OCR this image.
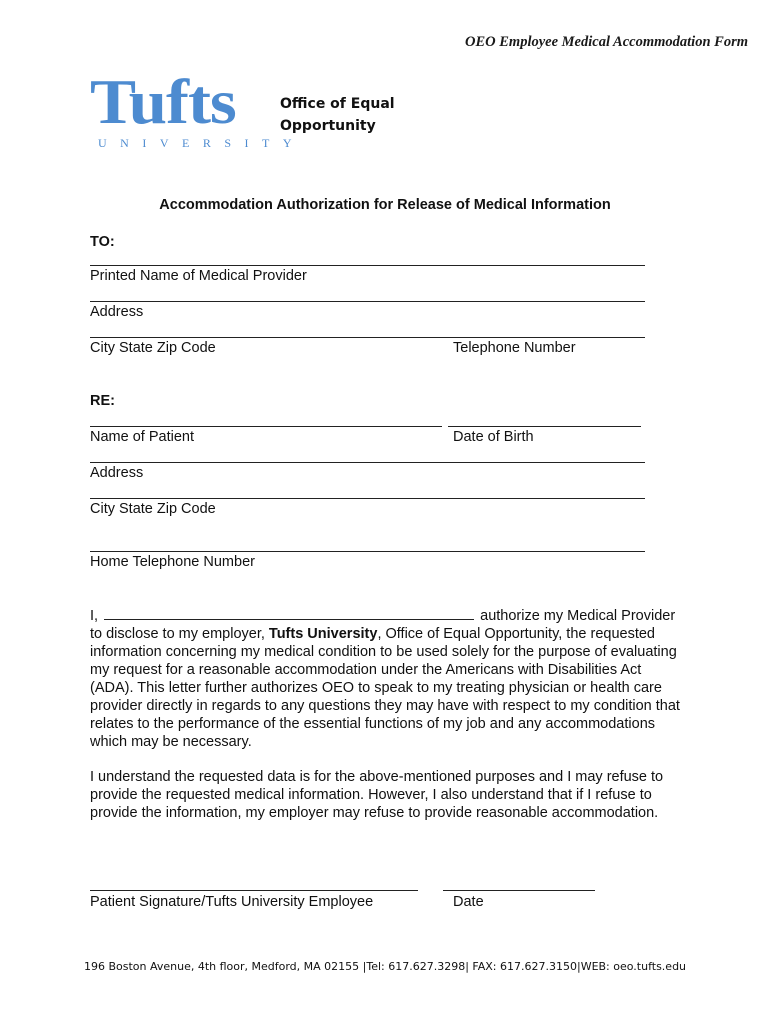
OEO Employee Medical Accommodation Form
Tufts
UNIVERSITY
Office of Equal
Opportunity
Accommodation Authorization for Release of Medical Information
TO:
Printed Name of Medical Provider
Address
City State Zip Code	Telephone Number
RE:
Name of Patient	Date of Birth
Address
City State Zip Code
Home Telephone Number

I,	authorize my Medical Provider to disclose to my employer, Tufts University, Office of Equal Opportunity, the requested information concerning my medical condition to be used solely for the purpose of evaluating my request for a reasonable accommodation under the Americans with Disabilities Act (ADA). This letter further authorizes OEO to speak to my treating physician or health care provider directly in regards to any questions they may have with respect to my condition that relates to the performance of the essential functions of my job and any accommodations which may be necessary.

I understand the requested data is for the above-mentioned purposes and I may refuse to provide the requested medical information. However, I also understand that if I refuse to provide the information, my employer may refuse to provide reasonable accommodation.
Patient Signature/Tufts University Employee	Date
196 Boston Avenue, 4th floor, Medford, MA 02155 |Tel: 617.627.3298| FAX: 617.627.3150|WEB: oeo.tufts.edu
